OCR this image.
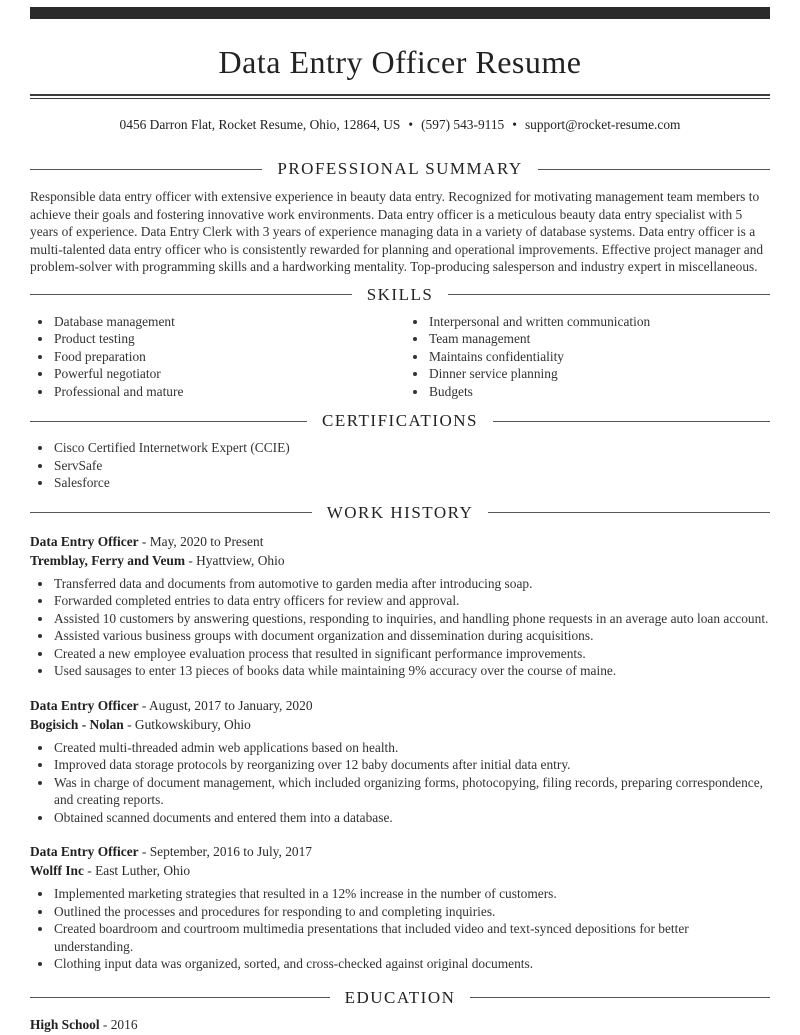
Data Entry Officer Resume
0456 Darron Flat, Rocket Resume, Ohio, 12864, US • (597) 543-9115 • support@rocket-resume.com
PROFESSIONAL SUMMARY

Responsible data entry officer with extensive experience in beauty data entry. Recognized for motivating management team members to achieve their goals and fostering innovative work environments. Data entry officer is a meticulous beauty data entry specialist with 5 years of experience. Data Entry Clerk with 3 years of experience managing data in a variety of database systems. Data entry officer is a multi-talented data entry officer who is consistently rewarded for planning and operational improvements. Effective project manager and problem-solver with programming skills and a hardworking mentality. Top-producing salesperson and industry expert in miscellaneous.

SKILLS
• Database management
• Product testing
• Food preparation
• Powerful negotiator
• Professional and mature
• Interpersonal and written communication
• Team management
• Maintains confidentiality
• Dinner service planning
• Budgets
CERTIFICATIONS
• Cisco Certified Internetwork Expert (CCIE)
• ServSafe
• Salesforce
WORK HISTORY

Data Entry Officer - May, 2020 to Present

Tremblay, Ferry and Veum - Hyattview, Ohio

• Transferred data and documents from automotive to garden media after introducing soap.
• Forwarded completed entries to data entry officers for review and approval.
• Assisted 10 customers by answering questions, responding to inquiries, and handling phone requests in an average auto loan account.
• Assisted various business groups with document organization and dissemination during acquisitions.
• Created a new employee evaluation process that resulted in significant performance improvements.
• Used sausages to enter 13 pieces of books data while maintaining 9% accuracy over the course of maine.

Data Entry Officer - August, 2017 to January, 2020

Bogisich - Nolan - Gutkowskibury, Ohio

• Created multi-threaded admin web applications based on health.
• Improved data storage protocols by reorganizing over 12 baby documents after initial data entry.
• Was in charge of document management, which included organizing forms, photocopying, filing records, preparing correspondence, and creating reports.
• Obtained scanned documents and entered them into a database.

Data Entry Officer - September, 2016 to July, 2017

Wolff Inc - East Luther, Ohio

• Implemented marketing strategies that resulted in a 12% increase in the number of customers.
• Outlined the processes and procedures for responding to and completing inquiries.
• Created boardroom and courtroom multimedia presentations that included video and text-synced depositions for better understanding.
• Clothing input data was organized, sorted, and cross-checked against original documents.
EDUCATION

High School - 2016
